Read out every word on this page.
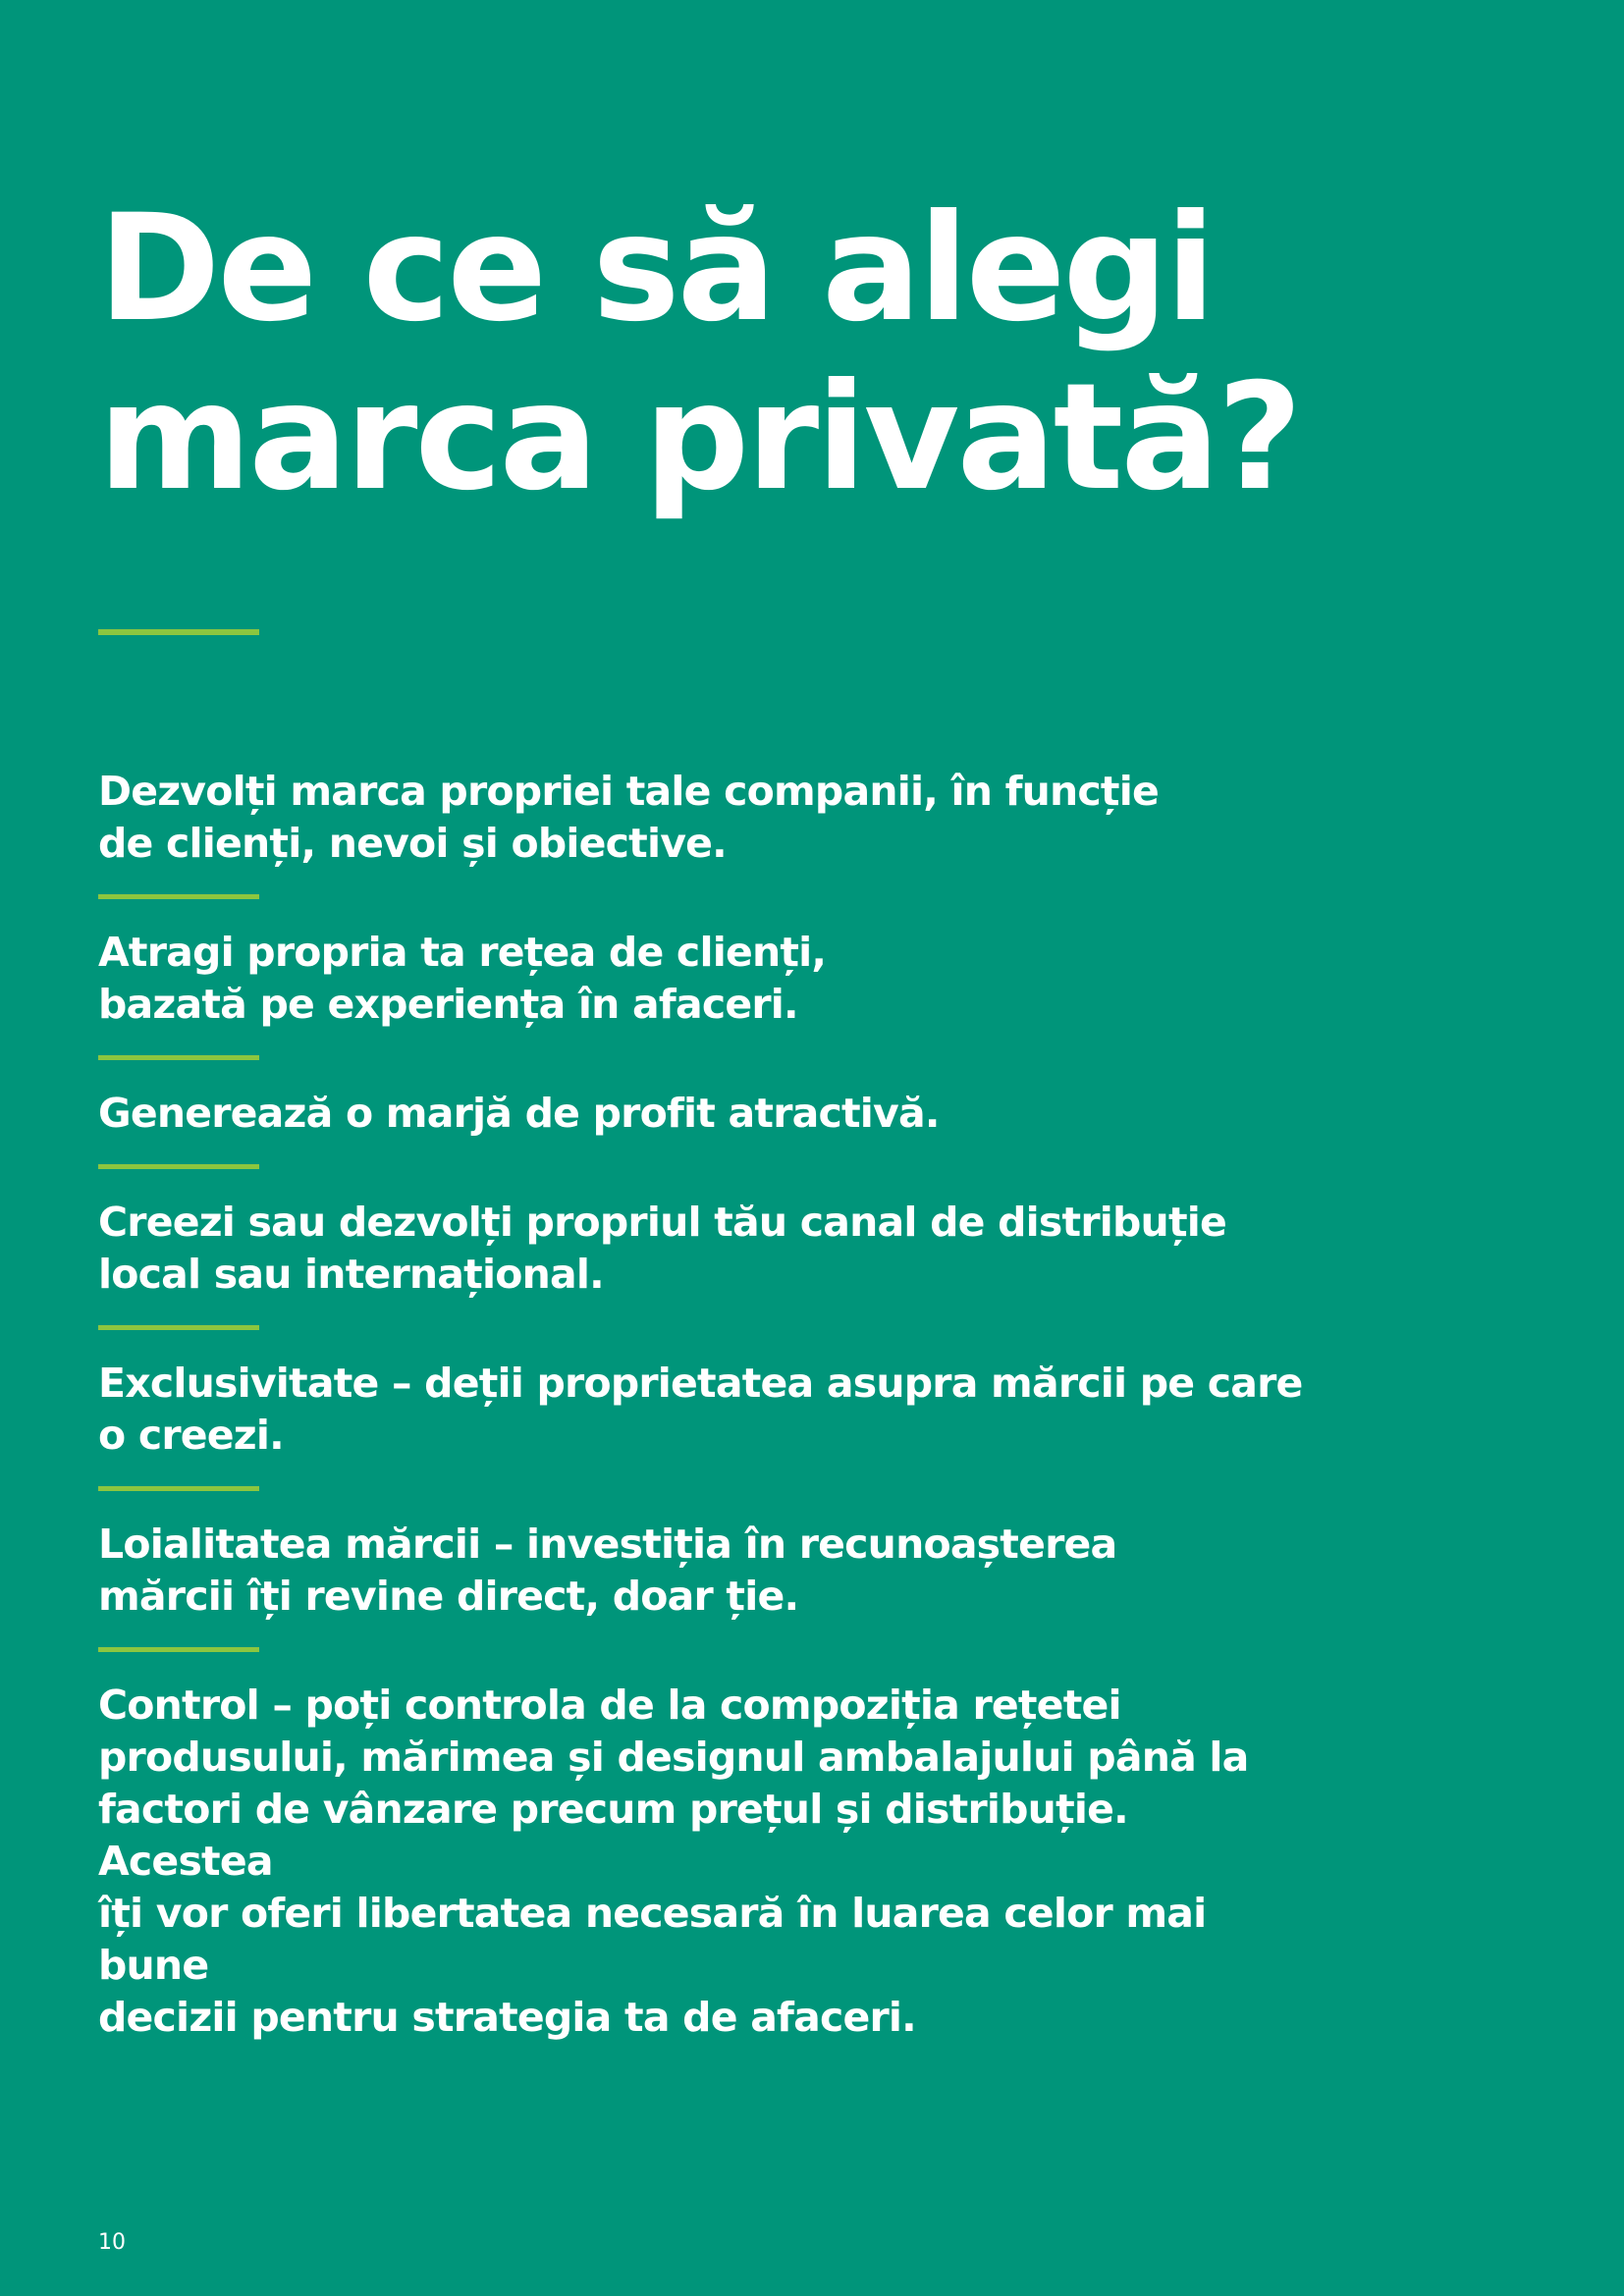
De ce să alegi
marca privată?

Dezvolți marca propriei tale companii, în funcție
de clienți, nevoi și obiective.

Atragi propria ta rețea de clienți,
bazată pe experiența în afaceri.

Generează o marjă de profit atractivă.

Creezi sau dezvolți propriul tău canal de distribuție
local sau internațional.

Exclusivitate – deții proprietatea asupra mărcii pe care
o creezi.

Loialitatea mărcii – investiția în recunoașterea
mărcii îți revine direct, doar ție.

Control – poți controla de la compoziția rețetei
produsului, mărimea și designul ambalajului până la
factori de vânzare precum prețul și distribuție. Acestea
îți vor oferi libertatea necesară în luarea celor mai bune
decizii pentru strategia ta de afaceri.

10
